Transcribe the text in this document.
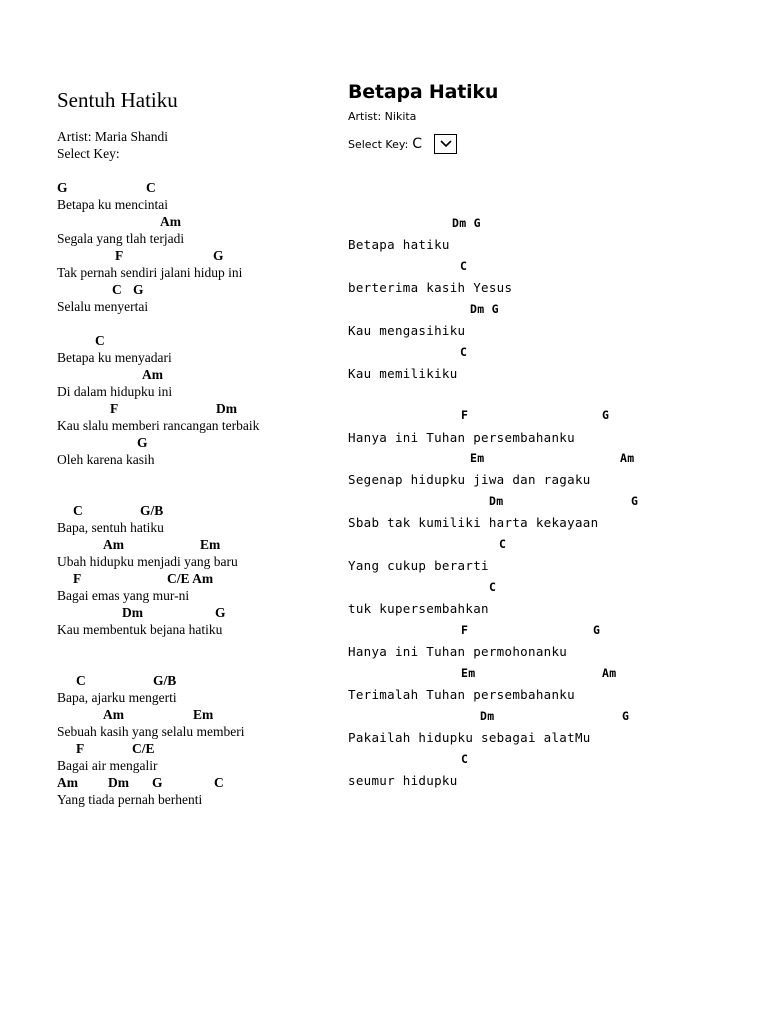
Sentuh Hatiku
Artist: Maria Shandi
Select Key:
G	C
Betapa ku mencintai
Am
Segala yang tlah terjadi
F	G
Tak pernah sendiri jalani hidup ini
C G
Selalu menyertai
C
Betapa ku menyadari
Am
Di dalam hidupku ini
F	Dm
Kau slalu memberi rancangan terbaik
G
Oleh karena kasih
C	G/B
Bapa, sentuh hatiku
Am	Em
Ubah hidupku menjadi yang baru
F	C/E Am
Bagai emas yang mur-ni
Dm	G
Kau membentuk bejana hatiku
C	G/B
Bapa, ajarku mengerti
Am	Em
Sebuah kasih yang selalu memberi
F	C/E
Bagai air mengalir
Am Dm G	C
Yang tiada pernah berhenti
Betapa Hatiku
Artist: Nikita
Select Key: C
Dm G
Betapa hatiku
C
berterima kasih Yesus
Dm G
Kau mengasihiku
C
Kau memilikiku
F	G
Hanya ini Tuhan persembahanku
Em	Am
Segenap hidupku jiwa dan ragaku
Dm	G
Sbab tak kumiliki harta kekayaan
C
Yang cukup berarti
C
tuk kupersembahkan
F	G
Hanya ini Tuhan permohonanku
Em	Am
Terimalah Tuhan persembahanku
Dm	G
Pakailah hidupku sebagai alatMu
C
seumur hidupku
